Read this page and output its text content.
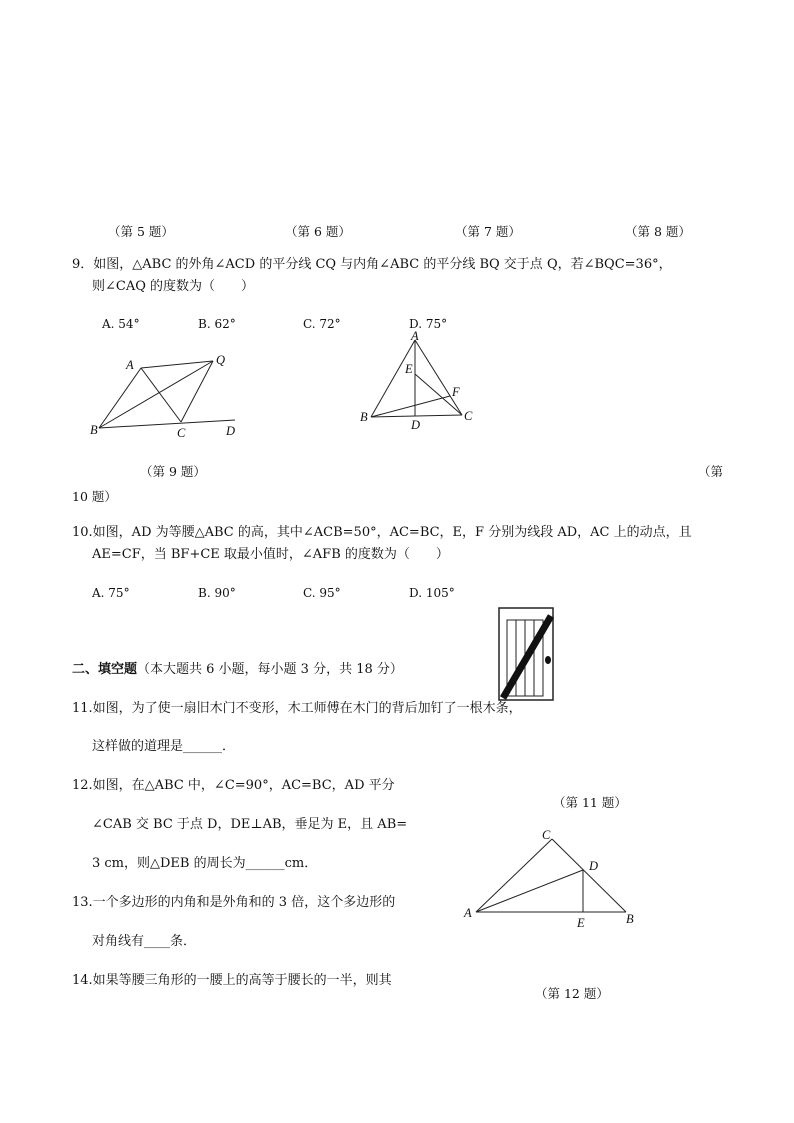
（第 5 题）	（第 6 题）	（第 7 题）	（第 8 题）
9．如图，△ABC 的外角∠ACD 的平分线 CQ 与内角∠ABC 的平分线 BQ 交于点 Q，若∠BQC=36°，
则∠CAQ 的度数为（　　）
A. 54°	B. 62°	C. 72°	D. 75°
A	Q
B	C	D
A
E
F
B
D
C
（第 9 题）	（第
10 题）
10.如图，AD 为等腰△ABC 的高，其中∠ACB=50°，AC=BC，E，F 分别为线段 AD，AC 上的动点，且
AE=CF，当 BF+CE 取最小值时，∠AFB 的度数为（　　）
A. 75°	B. 90°	C. 95°	D. 105°
二、填空题（本大题共 6 小题，每小题 3 分，共 18 分）
11.如图，为了使一扇旧木门不变形，木工师傅在木门的背后加钉了一根木条，
这样做的道理是______．
（第 11 题）
12.如图，在△ABC 中，∠C=90°，AC=BC，AD 平分
∠CAB 交 BC 于点 D，DE⊥AB，垂足为 E，且 AB=
3 cm，则△DEB 的周长为______cm．
C
D
A
E	B
13.一个多边形的内角和是外角和的 3 倍，这个多边形的
对角线有____条．
14.如果等腰三角形的一腰上的高等于腰长的一半，则其
（第 12 题）
